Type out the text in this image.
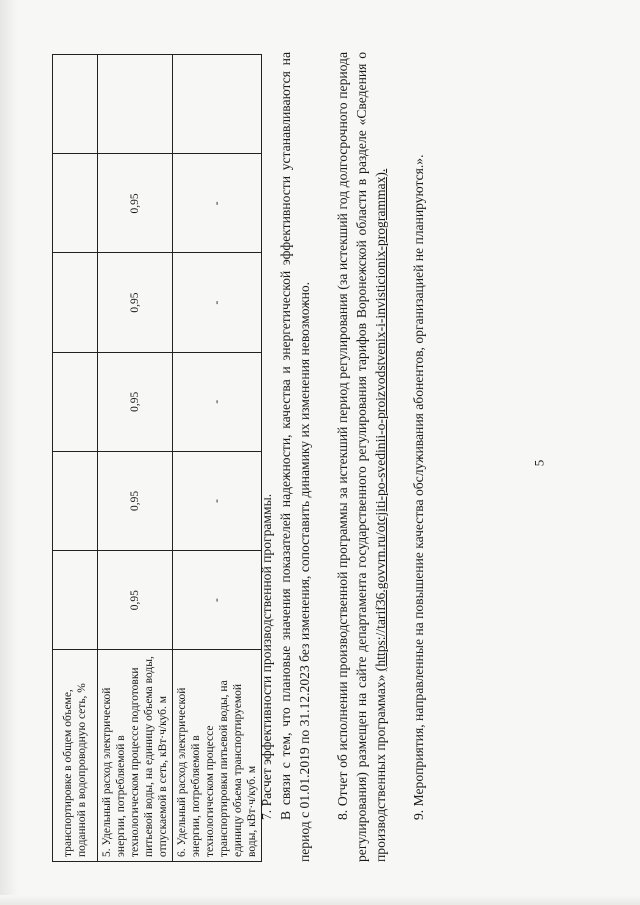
5
транспортировке в общем объеме, поданной в водопроводную сеть, %						
5. Удельный расход электрической энергии, потребляемой в технологическом процессе подготовки питьевой воды, на единицу объема воды, отпускаемой в сеть, кВт·ч/куб. м	0,95	0,95	0,95	0,95	0,95	
6. Удельный расход электрической энергии, потребляемой в технологическом процессе транспортировки питьевой воды, на единицу объема транспортируемой воды, кВт·ч/куб. м	-	-	-	-	-	

7. Расчет эффективности производственной программы. В связи с тем, что плановые значения показателей надежности, качества и энергетической эффективности устанавливаются на период с 01.01.2019 по 31.12.2023 без изменения, сопоставить динамику их изменения невозможно. 8. Отчет об исполнении производственной программы за истекший период регулирования (за истекший год долгосрочного периода регулирования) размещен на сайте департамента государственного регулирования тарифов Воронежской области в разделе «Сведения о производственных программах» (https://tarif36.govvrn.ru/otcjiti-po-svedinii-o-proizvodstvenix-i-invisticionix-programmax). 9. Мероприятия, направленные на повышение качества обслуживания абонентов, организацией не планируются.».
